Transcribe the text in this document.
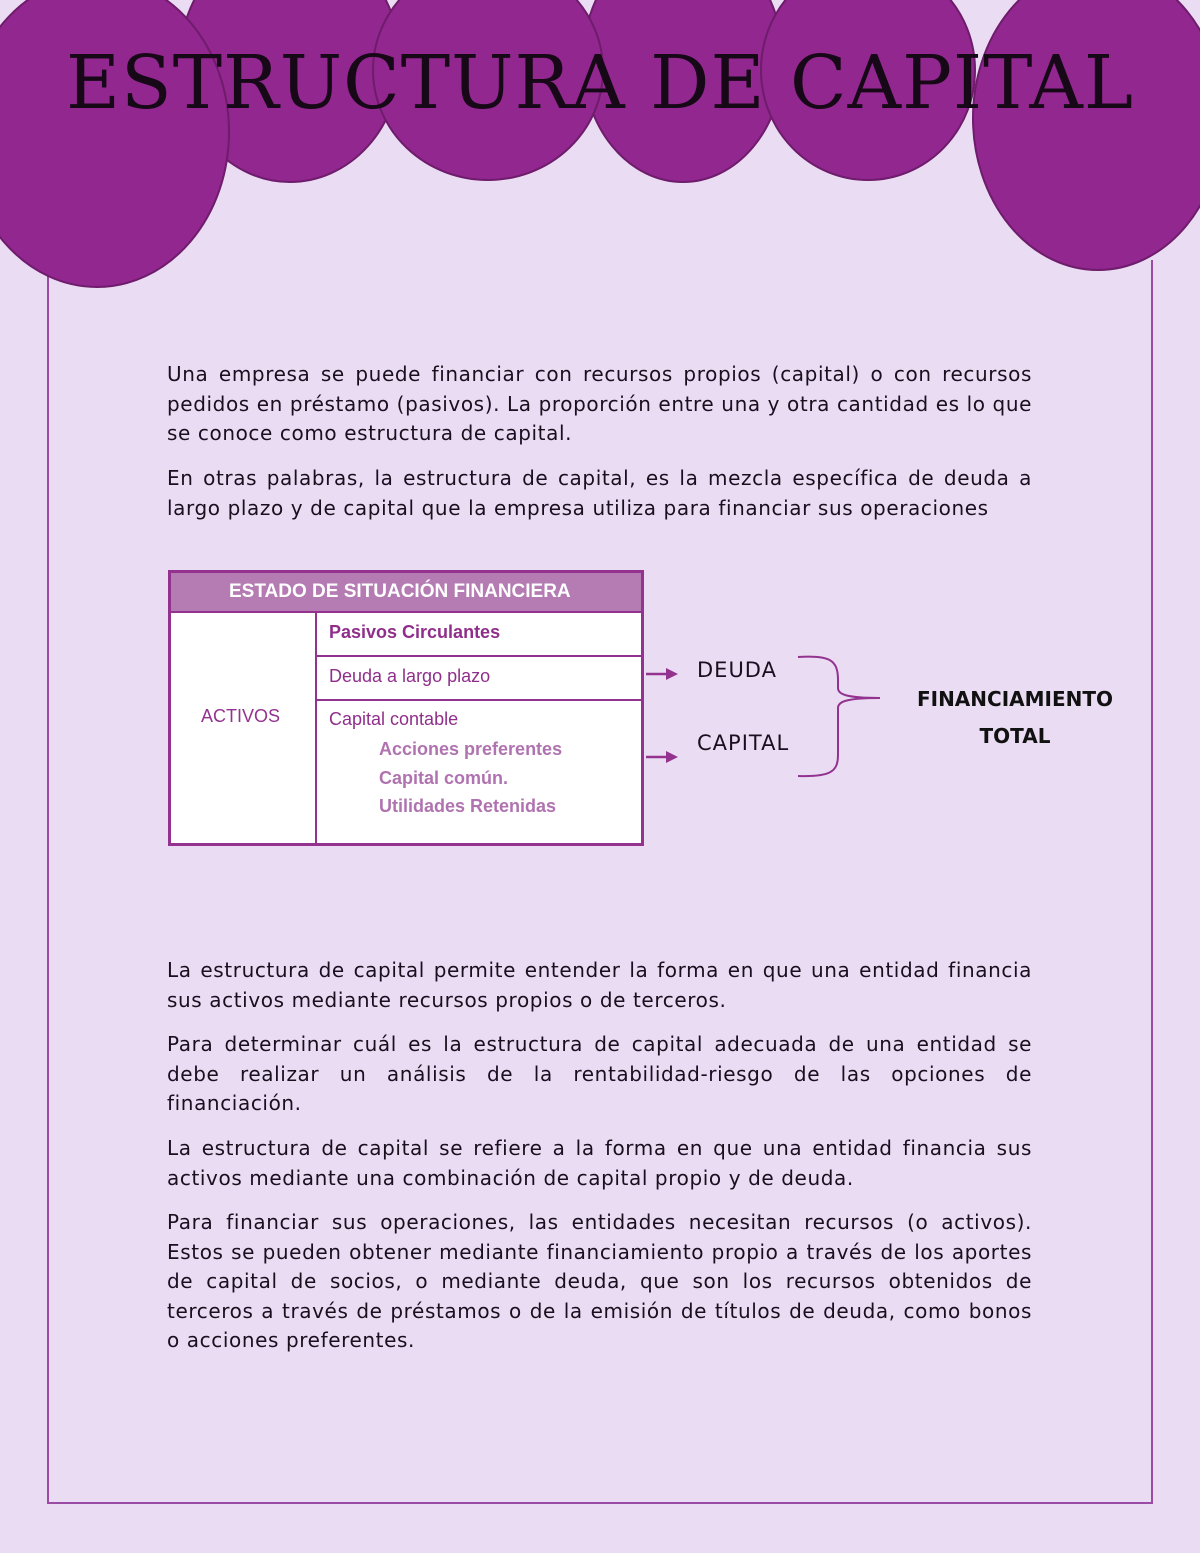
ESTRUCTURA DE CAPITAL

Una empresa se puede financiar con recursos propios (capital) o con recursos pedidos en préstamo (pasivos). La proporción entre una y otra cantidad es lo que se conoce como estructura de capital.

En otras palabras, la estructura de capital, es la mezcla específica de deuda a largo plazo y de capital que la empresa utiliza para financiar sus operaciones

ESTADO DE SITUACIÓN FINANCIERA
ACTIVOS
Pasivos Circulantes
Deuda a largo plazo
Capital contable
Acciones preferentes
Capital común.
Utilidades Retenidas
DEUDA
CAPITAL
FINANCIAMIENTO
TOTAL

La estructura de capital permite entender la forma en que una entidad financia sus activos mediante recursos propios o de terceros.

Para determinar cuál es la estructura de capital adecuada de una entidad se debe realizar un análisis de la rentabilidad-riesgo de las opciones de financiación.

La estructura de capital se refiere a la forma en que una entidad financia sus activos mediante una combinación de capital propio y de deuda.

Para financiar sus operaciones, las entidades necesitan recursos (o activos). Estos se pueden obtener mediante financiamiento propio a través de los aportes de capital de socios, o mediante deuda, que son los recursos obtenidos de terceros a través de préstamos o de la emisión de títulos de deuda, como bonos o acciones preferentes.
